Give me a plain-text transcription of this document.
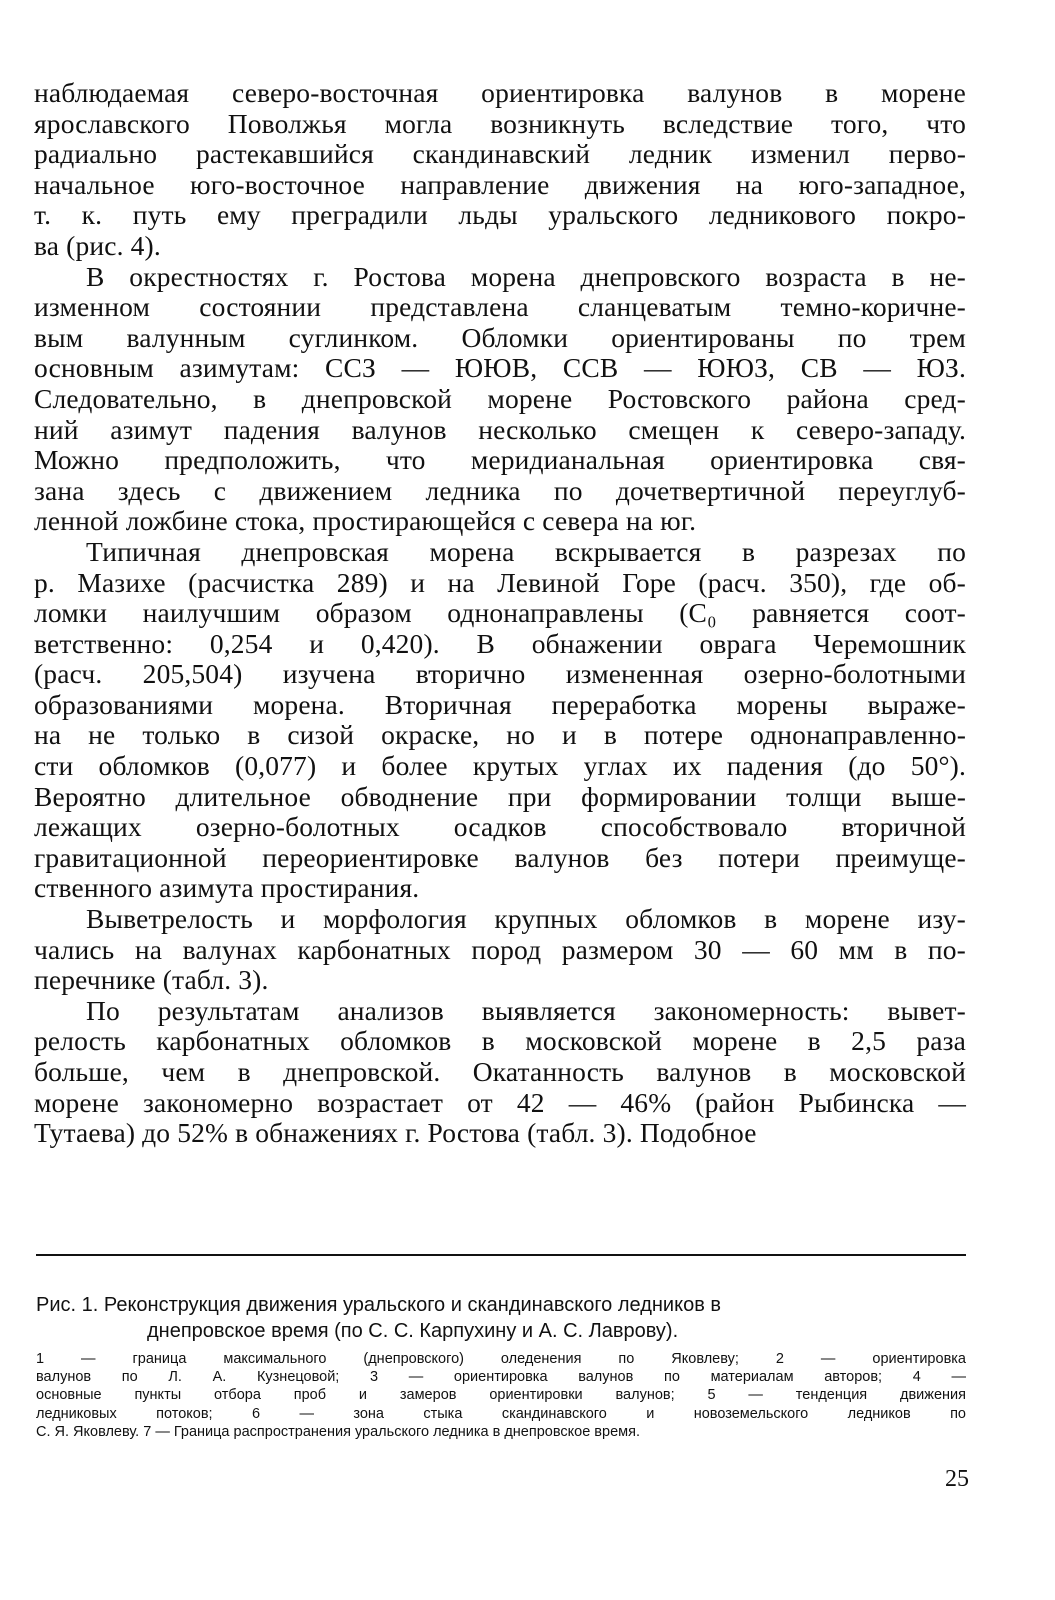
наблюдаемая северо-восточная ориентировка валунов в морене
ярославского Поволжья могла возникнуть вследствие того, что
радиально растекавшийся скандинавский ледник изменил перво-
начальное юго-восточное направление движения на юго-западное,
т. к. путь ему преградили льды уральского ледникового покро-
ва (рис. 4).

В окрестностях г. Ростова морена днепровского возраста в не-
изменном состоянии представлена сланцеватым темно-коричне-
вым валунным суглинком. Обломки ориентированы по трем
основным азимутам: ССЗ — ЮЮВ, ССВ — ЮЮЗ, СВ — ЮЗ.
Следовательно, в днепровской морене Ростовского района сред-
ний азимут падения валунов несколько смещен к северо-западу.
Можно предположить, что меридианальная ориентировка свя-
зана здесь с движением ледника по дочетвертичной переуглуб-
ленной ложбине стока, простирающейся с севера на юг.

Типичная днепровская морена вскрывается в разрезах по
р. Мазихе (расчистка 289) и на Левиной Горе (расч. 350), где об-
ломки наилучшим образом однонаправлены (C₀ равняется соот-
ветственно: 0,254 и 0,420). В обнажении оврага Черемошник
(расч. 205,504) изучена вторично измененная озерно-болотными
образованиями морена. Вторичная переработка морены выраже-
на не только в сизой окраске, но и в потере однонаправленно-
сти обломков (0,077) и более крутых углах их падения (до 50°).
Вероятно длительное обводнение при формировании толщи выше-
лежащих озерно-болотных осадков способствовало вторичной
гравитационной переориентировке валунов без потери преимуще-
ственного азимута простирания.

Выветрелость и морфология крупных обломков в морене изу-
чались на валунах карбонатных пород размером 30 — 60 мм в по-
перечнике (табл. 3).

По результатам анализов выявляется закономерность: вывет-
релость карбонатных обломков в московской морене в 2,5 раза
больше, чем в днепровской. Окатанность валунов в московской
морене закономерно возрастает от 42 — 46% (район Рыбинска —
Тутаева) до 52% в обнажениях г. Ростова (табл. 3). Подобное

Рис. 1. Реконструкция движения уральского и скандинавского ледников в
днепровское время (по С. С. Карпухину и А. С. Лаврову).
1 — граница максимального (днепровского) оледенения по Яковлеву; 2 — ориентировка
валунов по Л. А. Кузнецовой; 3 — ориентировка валунов по материалам авторов; 4 —
основные пункты отбора проб и замеров ориентировки валунов; 5 — тенденция движения
ледниковых потоков; 6 — зона стыка скандинавского и новоземельского ледников по
С. Я. Яковлеву. 7 — Граница распространения уральского ледника в днепровское время.
25
